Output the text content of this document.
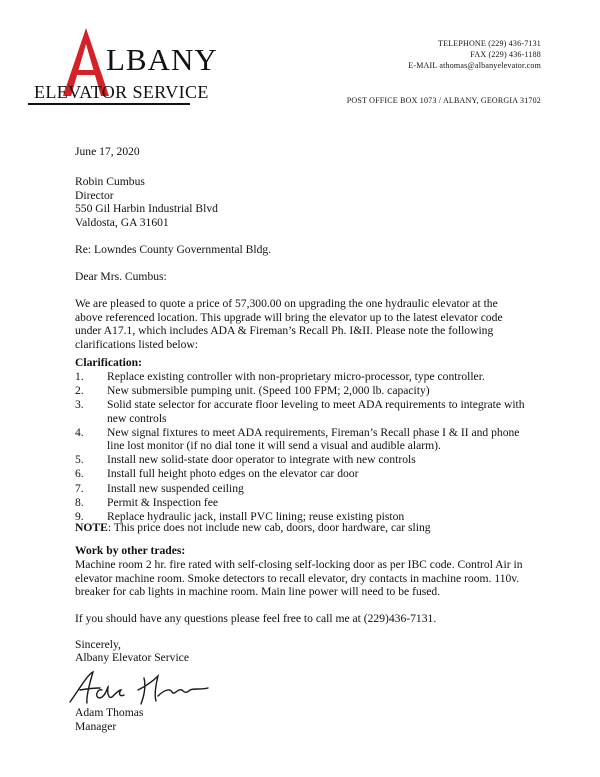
LBANY
ELEVATOR SERVICE
TELEPHONE (229) 436-7131
FAX (229) 436-1188
E-MAIL athomas@albanyelevator.com
POST OFFICE BOX 1073 / ALBANY, GEORGIA 31702
June 17, 2020
Robin Cumbus
Director
550 Gil Harbin Industrial Blvd
Valdosta, GA 31601
Re: Lowndes County Governmental Bldg.
Dear Mrs. Cumbus:
We are pleased to quote a price of 57,300.00 on upgrading the one hydraulic elevator at the
above referenced location. This upgrade will bring the elevator up to the latest elevator code
under A17.1, which includes ADA & Fireman’s Recall Ph. I&II. Please note the following
clarifications listed below:
Clarification:
1. Replace existing controller with non-proprietary micro-processor, type controller.
2. New submersible pumping unit. (Speed 100 FPM; 2,000 lb. capacity)
3. Solid state selector for accurate floor leveling to meet ADA requirements to integrate with new controls
4. New signal fixtures to meet ADA requirements, Fireman’s Recall phase I & II and phone line lost monitor (if no dial tone it will send a visual and audible alarm).
5. Install new solid-state door operator to integrate with new controls
6. Install full height photo edges on the elevator car door
7. Install new suspended ceiling
8. Permit & Inspection fee
9. Replace hydraulic jack, install PVC lining; reuse existing piston
NOTE: This price does not include new cab, doors, door hardware, car sling
Work by other trades:
Machine room 2 hr. fire rated with self-closing self-locking door as per IBC code. Control Air in
elevator machine room. Smoke detectors to recall elevator, dry contacts in machine room. 110v.
breaker for cab lights in machine room. Main line power will need to be fused.
If you should have any questions please feel free to call me at (229)436-7131.
Sincerely,
Albany Elevator Service
Adam Thomas
Manager
